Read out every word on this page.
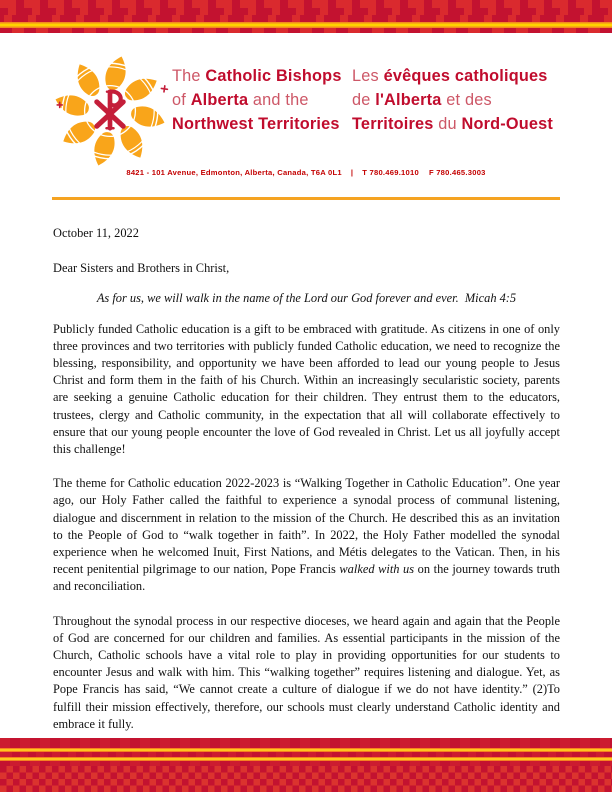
The Catholic Bishops
of Alberta and the
Northwest Territories
Les évêques catholiques
de l'Alberta et des
Territoires du Nord-Ouest
8421 - 101 Avenue, Edmonton, Alberta, Canada, T6A 0L1 | T 780.469.1010 F 780.465.3003
October 11, 2022
Dear Sisters and Brothers in Christ,
As for us, we will walk in the name of the Lord our God forever and ever.  Micah 4:5

Publicly funded Catholic education is a gift to be embraced with gratitude. As citizens in one of only three provinces and two territories with publicly funded Catholic education, we need to recognize the blessing, responsibility, and opportunity we have been afforded to lead our young people to Jesus Christ and form them in the faith of his Church. Within an increasingly secularistic society, parents are seeking a genuine Catholic education for their children. They entrust them to the educators, trustees, clergy and Catholic community, in the expectation that all will collaborate effectively to ensure that our young people encounter the love of God revealed in Christ. Let us all joyfully accept this challenge!

The theme for Catholic education 2022-2023 is “Walking Together in Catholic Education”. One year ago, our Holy Father called the faithful to experience a synodal process of communal listening, dialogue and discernment in relation to the mission of the Church. He described this as an invitation to the People of God to “walk together in faith”. In 2022, the Holy Father modelled the synodal experience when he welcomed Inuit, First Nations, and Métis delegates to the Vatican. Then, in his recent penitential pilgrimage to our nation, Pope Francis walked with us on the journey towards truth and reconciliation.

Throughout the synodal process in our respective dioceses, we heard again and again that the People of God are concerned for our children and families. As essential participants in the mission of the Church, Catholic schools have a vital role to play in providing opportunities for our students to encounter Jesus and walk with him. This “walking together” requires listening and dialogue. Yet, as Pope Francis has said, “We cannot create a culture of dialogue if we do not have identity.” (2)To fulfill their mission effectively, therefore, our schools must clearly understand Catholic identity and embrace it fully.
